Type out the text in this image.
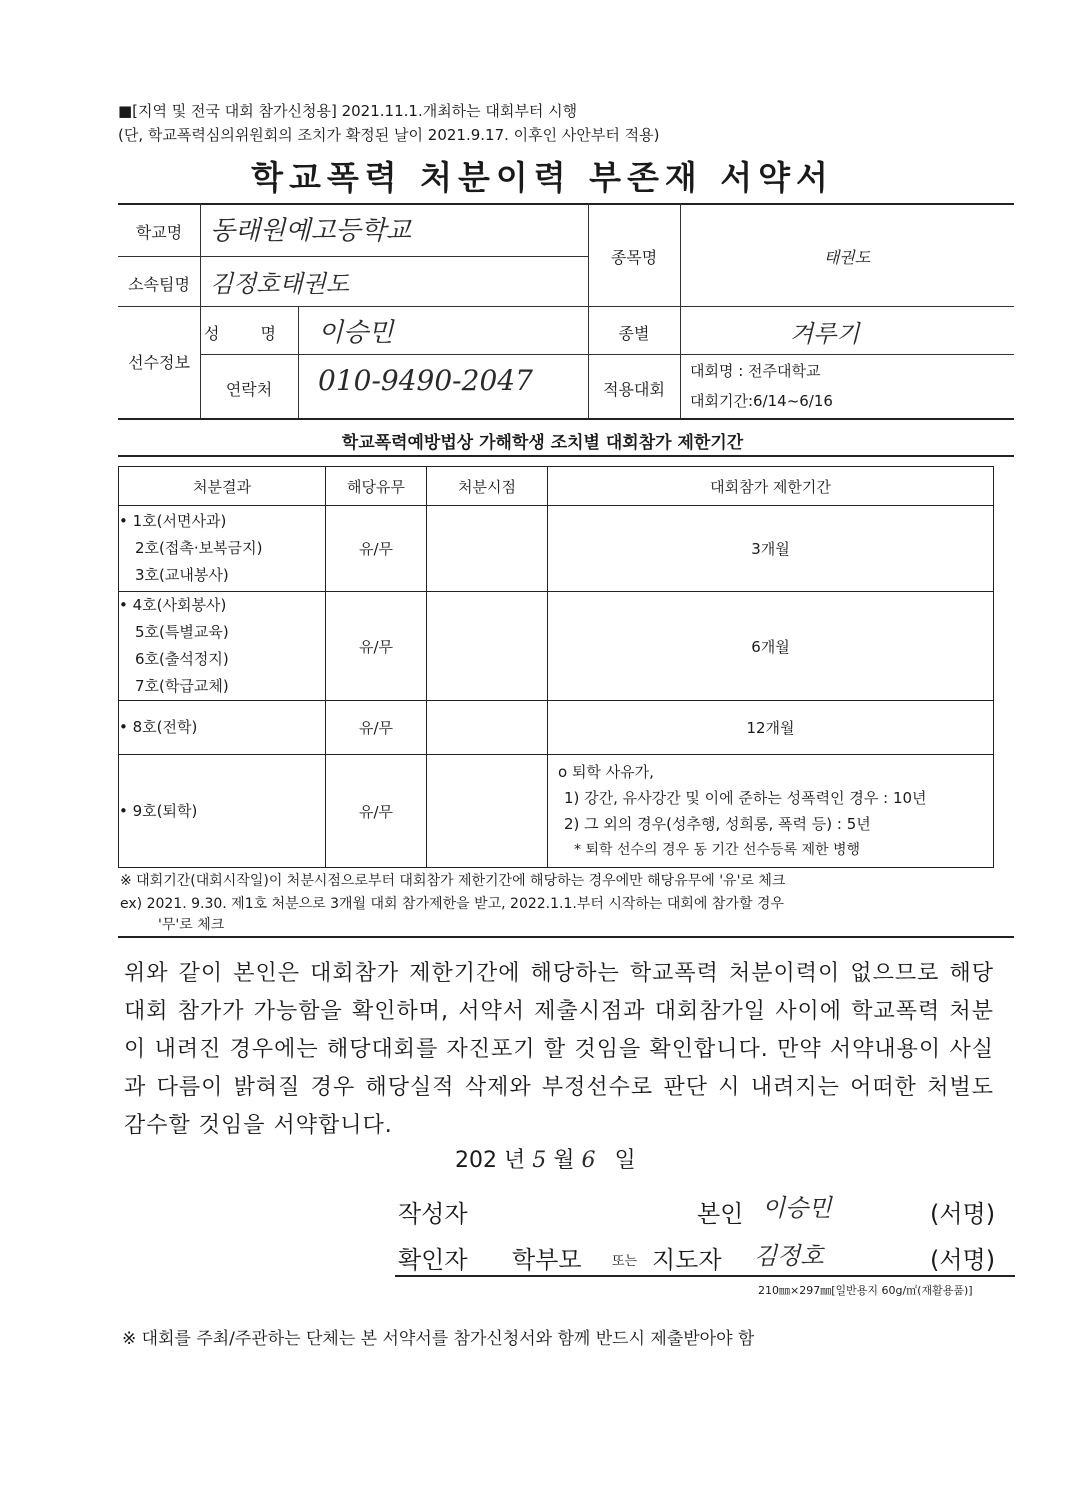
■[지역 및 전국 대회 참가신청용] 2021.11.1.개최하는 대회부터 시행
(단, 학교폭력심의위원회의 조치가 확정된 날이 2021.9.17. 이후인 사안부터 적용)
학교폭력 처분이력 부존재 서약서
학교명	동래원예고등학교
소속팀명 김정호태권도
종목명	태권도
선수정보
성 명 이승민
연락처	010-9490-2047
종별	겨루기
적용대회
대회명 : 전주대학교
대회기간:6/14~6/16
학교폭력예방법상 가해학생 조치별 대회참가 제한기간
처분결과	해당유무	처분시점	대회참가 제한기간

• 1호(서면사과)
2호(접촉·보복금지)
3호(교내봉사)	유/무		3개월

• 4호(사회봉사)
5호(특별교육)
6호(출석정지)
7호(학급교체)	유/무		6개월

• 8호(전학)	유/무		12개월

• 9호(퇴학)	유/무		o 퇴학 사유가,
1) 강간, 유사강간 및 이에 준하는 성폭력인 경우 : 10년
2) 그 외의 경우(성추행, 성희롱, 폭력 등) : 5년
* 퇴학 선수의 경우 동 기간 선수등록 제한 병행
※ 대회기간(대회시작일)이 처분시점으로부터 대회참가 제한기간에 해당하는 경우에만 해당유무에 '유'로 체크
ex) 2021. 9.30. 제1호 처분으로 3개월 대회 참가제한을 받고, 2022.1.1.부터 시작하는 대회에 참가할 경우
'무'로 체크
위와 같이 본인은 대회참가 제한기간에 해당하는 학교폭력 처분이력이 없으므로 해당 대회 참가가 가능함을 확인하며, 서약서 제출시점과 대회참가일 사이에 학교폭력 처분이 내려진 경우에는 해당대회를 자진포기 할 것임을 확인합니다. 만약 서약내용이 사실과 다름이 밝혀질 경우 해당실적 삭제와 부정선수로 판단 시 내려지는 어떠한 처벌도 감수할 것임을 서약합니다.
202 년 5 월 6 일
작성자	본인 이승민	(서명)
확인자 학부모 또는 지도자 김정호	(서명)
210㎜×297㎜[일반용지 60g/㎡(재활용품)]
※ 대회를 주최/주관하는 단체는 본 서약서를 참가신청서와 함께 반드시 제출받아야 함
